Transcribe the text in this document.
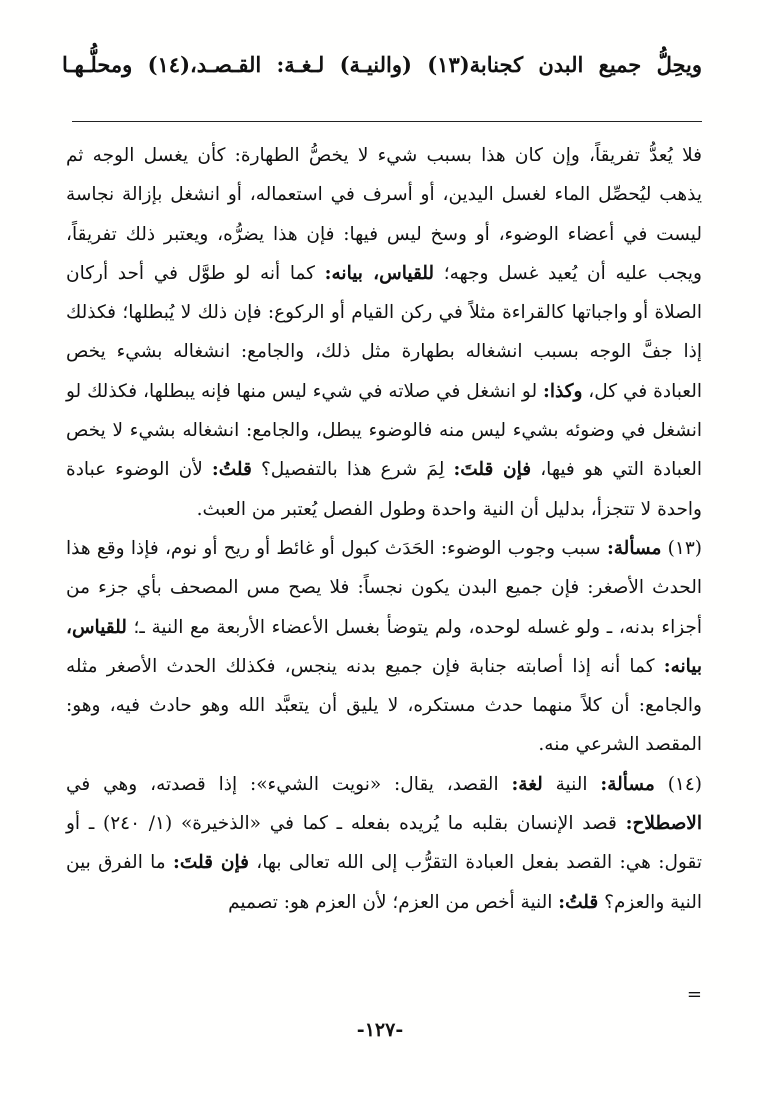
ويحِلُّ جميع البدن كجنابة(١٣) (والنيـة) لـغـة: القـصـد،(١٤) ومحلُّـهـا

فلا يُعدُّ تفريقاً، وإن كان هذا بسبب شيء لا يخصُّ الطهارة: كأن يغسل الوجه ثم يذهب ليُحصِّل الماء لغسل اليدين، أو أسرف في استعماله، أو انشغل بإزالة نجاسة ليست في أعضاء الوضوء، أو وسخ ليس فيها: فإن هذا يضرُّه، ويعتبر ذلك تفريقاً، ويجب عليه أن يُعيد غسل وجهه؛ للقياس، بيانه: كما أنه لو طوَّل في أحد أركان الصلاة أو واجباتها كالقراءة مثلاً في ركن القيام أو الركوع: فإن ذلك لا يُبطلها؛ فكذلك إذا جفَّ الوجه بسبب انشغاله بطهارة مثل ذلك، والجامع: انشغاله بشيء يخص العبادة في كل، وكذا: لو انشغل في صلاته في شيء ليس منها فإنه يبطلها، فكذلك لو انشغل في وضوئه بشيء ليس منه فالوضوء يبطل، والجامع: انشغاله بشيء لا يخص العبادة التي هو فيها، فإن قلتَ: لِمَ شرع هذا بالتفصيل؟ قلتُ: لأن الوضوء عبادة واحدة لا تتجزأ، بدليل أن النية واحدة وطول الفصل يُعتبر من العبث.

(١٣) مسألة: سبب وجوب الوضوء: الحَدَث كبول أو غائط أو ريح أو نوم، فإذا وقع هذا الحدث الأصغر: فإن جميع البدن يكون نجساً: فلا يصح مس المصحف بأي جزء من أجزاء بدنه، ـ ولو غسله لوحده، ولم يتوضأ بغسل الأعضاء الأربعة مع النية ـ؛ للقياس، بيانه: كما أنه إذا أصابته جنابة فإن جميع بدنه ينجس، فكذلك الحدث الأصغر مثله والجامع: أن كلاً منهما حدث مستكره، لا يليق أن يتعبَّد الله وهو حادث فيه، وهو: المقصد الشرعي منه.

(١٤) مسألة: النية لغة: القصد، يقال: «نويت الشيء»: إذا قصدته، وهي في الاصطلاح: قصد الإنسان بقلبه ما يُريده بفعله ـ كما في «الذخيرة» (١/ ٢٤٠) ـ أو تقول: هي: القصد بفعل العبادة التقرُّب إلى الله تعالى بها، فإن قلتَ: ما الفرق بين النية والعزم؟ قلتُ: النية أخص من العزم؛ لأن العزم هو: تصميم

=
-١٢٧-
